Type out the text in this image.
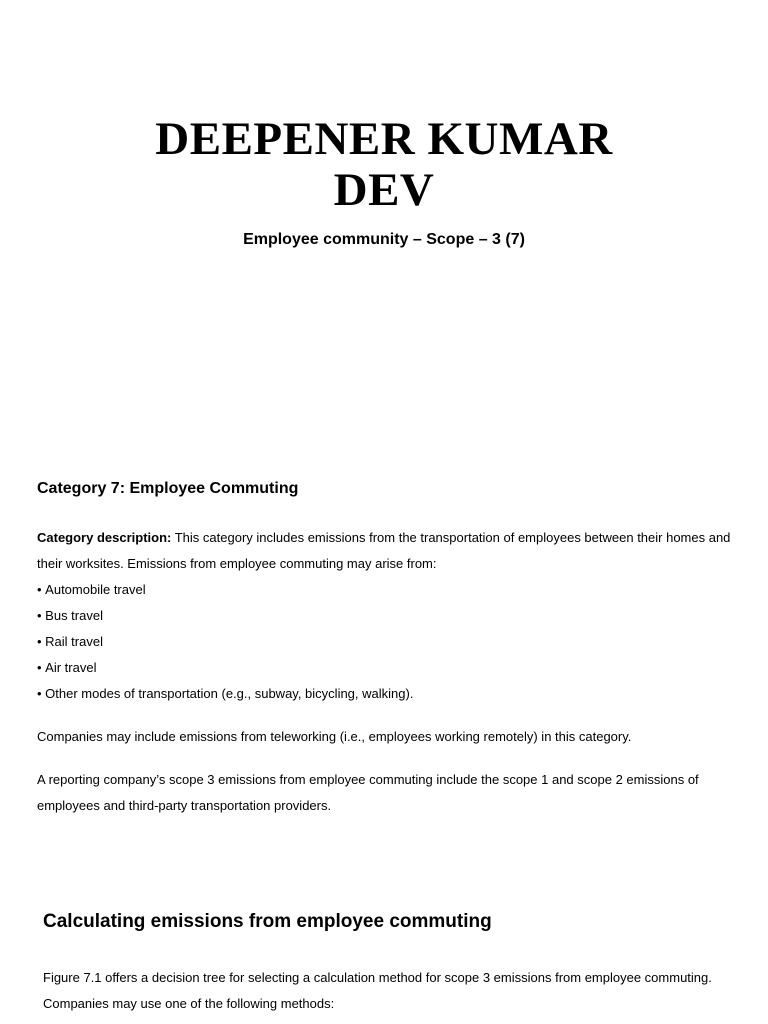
DEEPENER KUMAR
DEV

Employee community – Scope – 3 (7)

Category 7: Employee Commuting

Category description: This category includes emissions from the transportation of employees between their homes and their worksites. Emissions from employee commuting may arise from:

• Automobile travel
• Bus travel
• Rail travel
• Air travel
• Other modes of transportation (e.g., subway, bicycling, walking).

Companies may include emissions from teleworking (i.e., employees working remotely) in this category.

A reporting company’s scope 3 emissions from employee commuting include the scope 1 and scope 2 emissions of employees and third-party transportation providers.

Calculating emissions from employee commuting

Figure 7.1 offers a decision tree for selecting a calculation method for scope 3 emissions from employee commuting. Companies may use one of the following methods:
